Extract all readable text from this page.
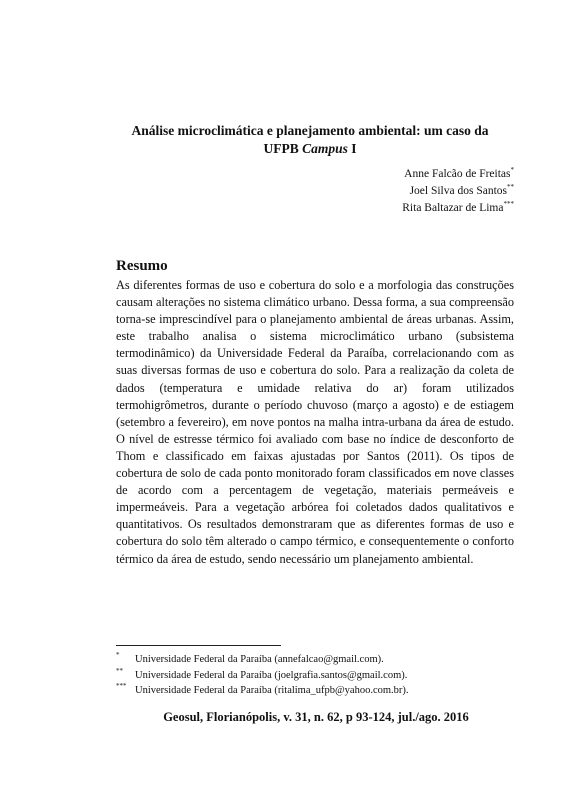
Análise microclimática e planejamento ambiental: um caso da
UFPB Campus I
Anne Falcão de Freitas*
Joel Silva dos Santos**
Rita Baltazar de Lima***
Resumo

As diferentes formas de uso e cobertura do solo e a morfologia das construções causam alterações no sistema climático urbano. Dessa forma, a sua compreensão torna-se imprescindível para o planejamento ambiental de áreas urbanas. Assim, este trabalho analisa o sistema microclimático urbano (subsistema termodinâmico) da Universidade Federal da Paraíba, correlacionando com as suas diversas formas de uso e cobertura do solo. Para a realização da coleta de dados (temperatura e umidade relativa do ar) foram utilizados termohigrômetros, durante o período chuvoso (março a agosto) e de estiagem (setembro a fevereiro), em nove pontos na malha intra-urbana da área de estudo. O nível de estresse térmico foi avaliado com base no índice de desconforto de Thom e classificado em faixas ajustadas por Santos (2011). Os tipos de cobertura de solo de cada ponto monitorado foram classificados em nove classes de acordo com a percentagem de vegetação, materiais permeáveis e impermeáveis. Para a vegetação arbórea foi coletados dados qualitativos e quantitativos. Os resultados demonstraram que as diferentes formas de uso e cobertura do solo têm alterado o campo térmico, e consequentemente o conforto térmico da área de estudo, sendo necessário um planejamento ambiental.

* Universidade Federal da Paraíba (annefalcao@gmail.com).
** Universidade Federal da Paraíba (joelgrafia.santos@gmail.com).
*** Universidade Federal da Paraíba (ritalima_ufpb@yahoo.com.br).
Geosul, Florianópolis, v. 31, n. 62, p 93-124, jul./ago. 2016
